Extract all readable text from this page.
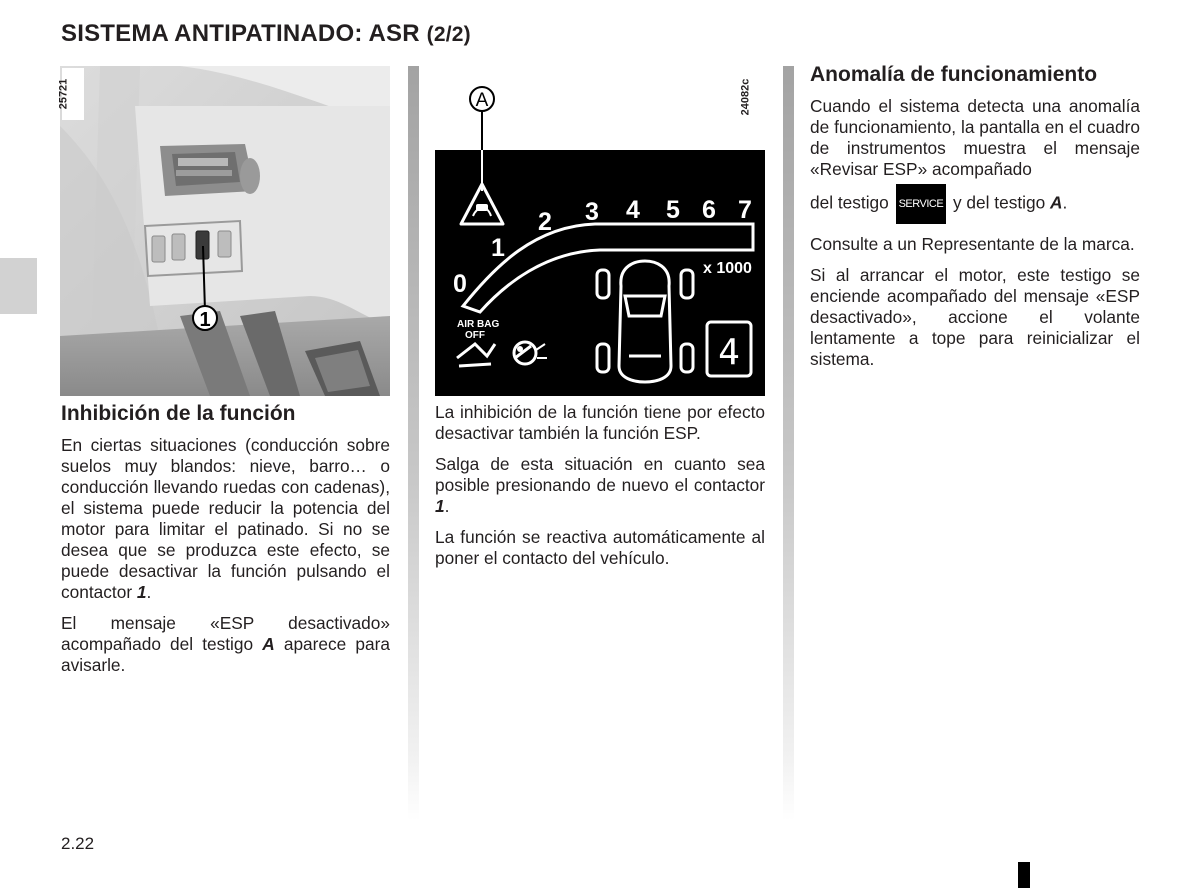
SISTEMA ANTIPATINADO: ASR (2/2)
1
25721	24082c
A
0
1
2 3 4 5 6 7
x 1000
AIR BAG
OFF	4
Inhibición de la función

En ciertas situaciones (conducción sobre suelos muy blandos: nieve, barro… o conducción llevando ruedas con cadenas), el sistema puede reducir la potencia del motor para limitar el patinado. Si no se desea que se produzca este efecto, se puede desactivar la función pulsando el contactor 1.

El mensaje «ESP desactivado» acompañado del testigo A aparece para avisarle.

La inhibición de la función tiene por efecto desactivar también la función ESP.

Salga de esta situación en cuanto sea posible presionando de nuevo el contactor 1.

La función se reactiva automáticamente al poner el contacto del vehículo.

Anomalía de funcionamiento

Cuando el sistema detecta una anomalía de funcionamiento, la pantalla en el cuadro de instrumentos muestra el mensaje «Revisar ESP» acompañado

del testigo SERVICE y del testigo A.

Consulte a un Representante de la marca.

Si al arrancar el motor, este testigo se enciende acompañado del mensaje «ESP desactivado», accione el volante lentamente a tope para reinicializar el sistema.

2.22
